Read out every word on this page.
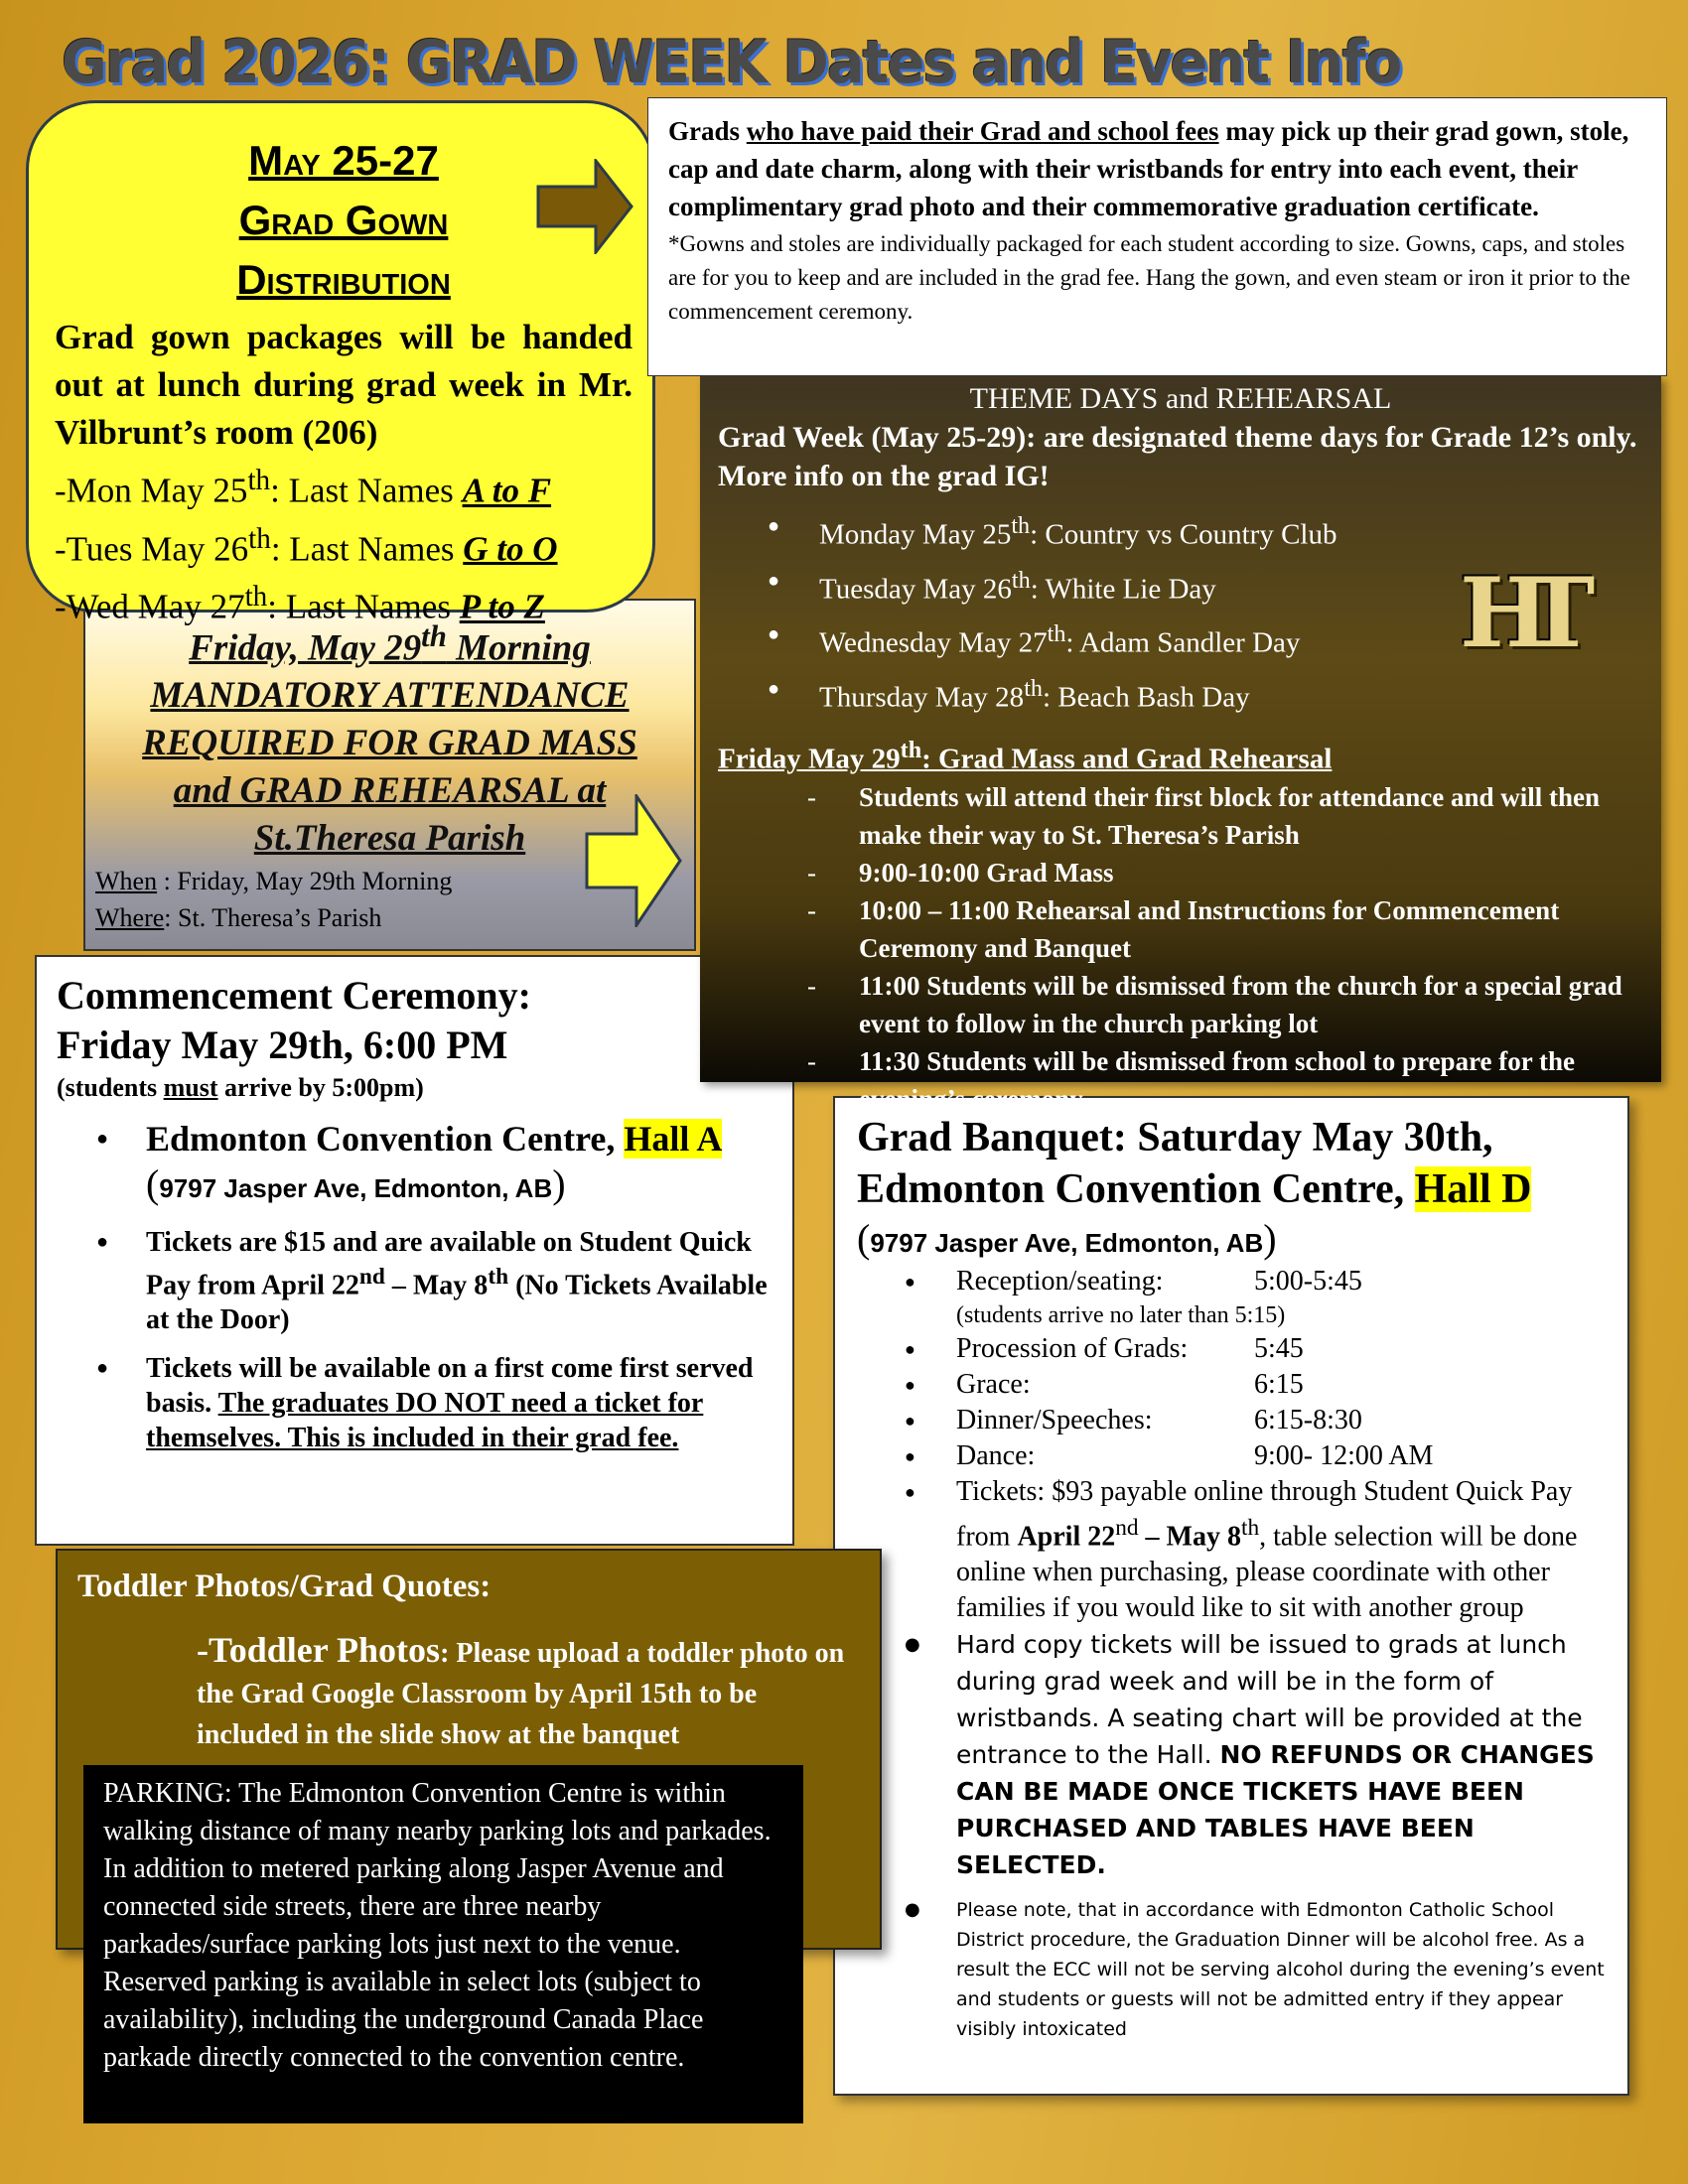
Grad 2026: GRAD WEEK Dates and Event Info
May 25-27
Grad Gown
Distribution
Grad gown packages will be handed out at lunch during grad week in Mr. Vilbrunt’s room (206)
-Mon May 25th: Last Names A to F
-Tues May 26th: Last Names G to O
-Wed May 27th: Last Names P to Z
Grads who have paid their Grad and school fees may pick up their grad gown, stole, cap and date charm, along with their wristbands for entry into each event, their complimentary grad photo and their commemorative graduation certificate.
*Gowns and stoles are individually packaged for each student according to size. Gowns, caps, and stoles are for you to keep and are included in the grad fee. Hang the gown, and even steam or iron it prior to the commencement ceremony.
THEME DAYS and REHEARSAL
Grad Week (May 25-29): are designated theme days for Grade 12’s only. More info on the grad IG!
● Monday May 25th: Country vs Country Club
● Tuesday May 26th: White Lie Day
● Wednesday May 27th: Adam Sandler Day
● Thursday May 28th: Beach Bash Day
Friday May 29th: Grad Mass and Grad Rehearsal
- Students will attend their first block for attendance and will then make their way to St. Theresa’s Parish
- 9:00-10:00 Grad Mass
- 10:00 – 11:00 Rehearsal and Instructions for Commencement Ceremony and Banquet
- 11:00 Students will be dismissed from the church for a special grad event to follow in the church parking lot
- 11:30 Students will be dismissed from school to prepare for the evening’s ceremony.
HT
Friday, May 29th Morning
MANDATORY ATTENDANCE
REQUIRED FOR GRAD MASS
and GRAD REHEARSAL at
St.Theresa Parish
When : Friday, May 29th Morning
Where: St. Theresa’s Parish
Commencement Ceremony:
Friday May 29th, 6:00 PM
(students must arrive by 5:00pm)
● Edmonton Convention Centre, Hall A
(9797 Jasper Ave, Edmonton, AB)
● Tickets are $15 and are available on Student Quick Pay from April 22nd – May 8th (No Tickets Available at the Door)
● Tickets will be available on a first come first served basis. The graduates DO NOT need a ticket for themselves. This is included in their grad fee.
Grad Banquet: Saturday May 30th,
Edmonton Convention Centre, Hall D
(9797 Jasper Ave, Edmonton, AB)
● Reception/seating:	5:00-5:45
(students arrive no later than 5:15)
● Procession of Grads: 5:45
● Grace:	6:15
● Dinner/Speeches:	6:15-8:30
● Dance:	9:00- 12:00 AM
● Tickets: $93 payable online through Student Quick Pay from April 22nd – May 8th, table selection will be done online when purchasing, please coordinate with other families if you would like to sit with another group
● Hard copy tickets will be issued to grads at lunch during grad week and will be in the form of wristbands. A seating chart will be provided at the entrance to the Hall. NO REFUNDS OR CHANGES CAN BE MADE ONCE TICKETS HAVE BEEN PURCHASED AND TABLES HAVE BEEN SELECTED.
● Please note, that in accordance with Edmonton Catholic School District procedure, the Graduation Dinner will be alcohol free. As a result the ECC will not be serving alcohol during the evening’s event and students or guests will not be admitted entry if they appear visibly intoxicated
Toddler Photos/Grad Quotes:

-Toddler Photos: Please upload a toddler photo on the Grad Google Classroom by April 15th to be included in the slide show at the banquet

PARKING: The Edmonton Convention Centre is within walking distance of many nearby parking lots and parkades. In addition to metered parking along Jasper Avenue and connected side streets, there are three nearby parkades/surface parking lots just next to the venue. Reserved parking is available in select lots (subject to availability), including the underground Canada Place parkade directly connected to the convention centre.
